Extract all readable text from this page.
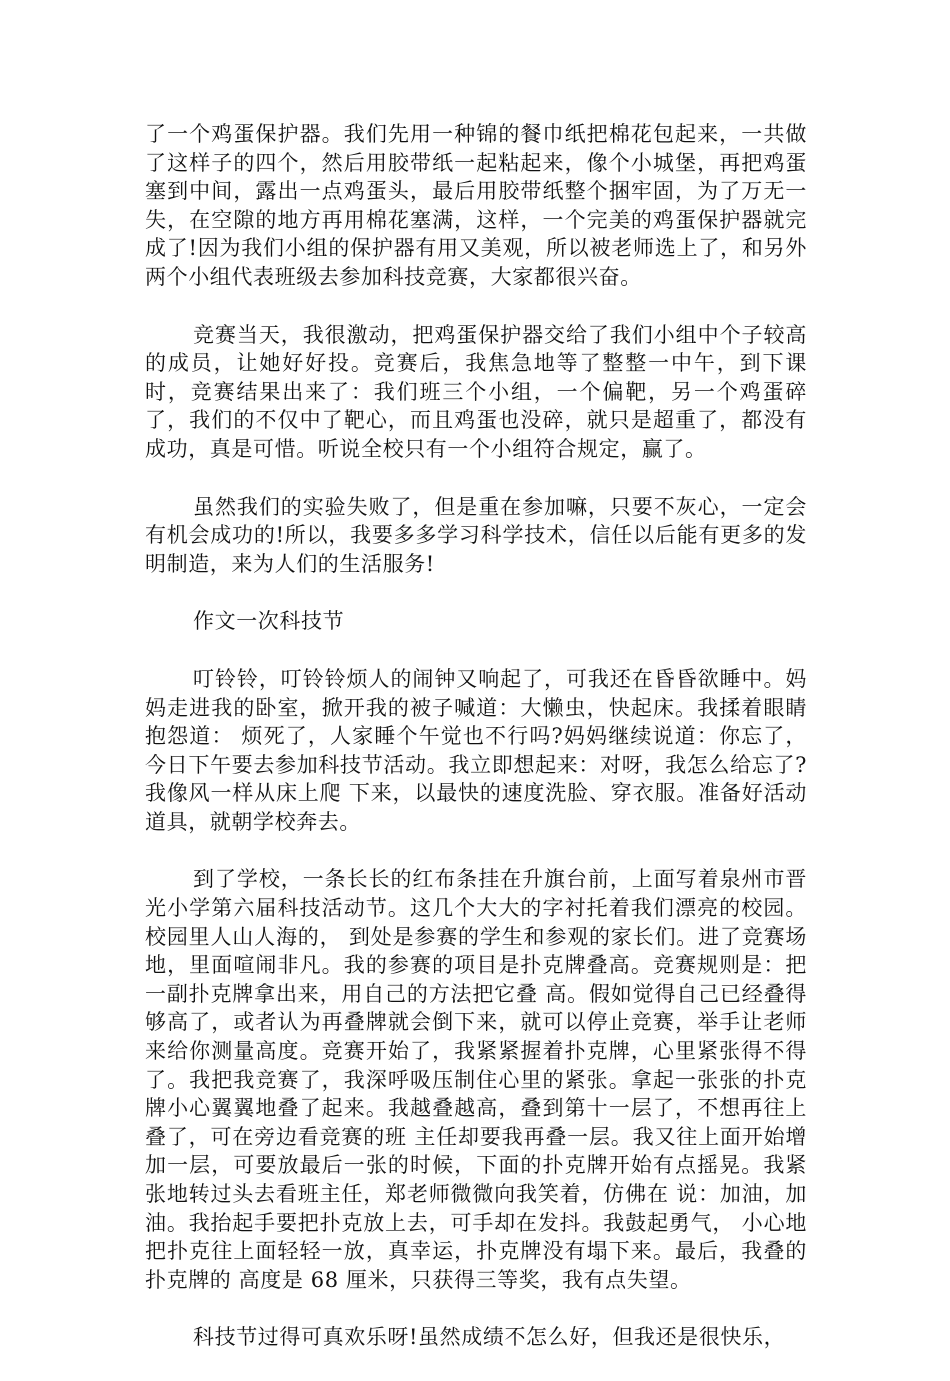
了一个鸡蛋保护器。我们先用一种锦的餐巾纸把棉花包起来，一共做了这样子的四个，然后用胶带纸一起粘起来，像个小城堡，再把鸡蛋塞到中间，露出一点鸡蛋头，最后用胶带纸整个捆牢固，为了万无一失，在空隙的地方再用棉花塞满，这样，一个完美的鸡蛋保护器就完成了!因为我们小组的保护器有用又美观，所以被老师选上了，和另外两个小组代表班级去参加科技竞赛，大家都很兴奋。

竞赛当天，我很激动，把鸡蛋保护器交给了我们小组中个子较高的成员，让她好好投。竞赛后，我焦急地等了整整一中午，到下课时，竞赛结果出来了：我们班三个小组，一个偏靶，另一个鸡蛋碎了，我们的不仅中了靶心，而且鸡蛋也没碎，就只是超重了，都没有成功，真是可惜。听说全校只有一个小组符合规定，赢了。

虽然我们的实验失败了，但是重在参加嘛，只要不灰心，一定会有机会成功的!所以，我要多多学习科学技术，信任以后能有更多的发明制造，来为人们的生活服务!

作文一次科技节

叮铃铃，叮铃铃烦人的闹钟又响起了，可我还在昏昏欲睡中。妈妈走进我的卧室，掀开我的被子喊道：大懒虫，快起床。我揉着眼睛抱怨道： 烦死了，人家睡个午觉也不行吗?妈妈继续说道：你忘了，今日下午要去参加科技节活动。我立即想起来：对呀，我怎么给忘了?我像风一样从床上爬 下来，以最快的速度洗脸、穿衣服。准备好活动道具，就朝学校奔去。

到了学校，一条长长的红布条挂在升旗台前，上面写着泉州市晋光小学第六届科技活动节。这几个大大的字衬托着我们漂亮的校园。校园里人山人海的， 到处是参赛的学生和参观的家长们。进了竞赛场地，里面喧闹非凡。我的参赛的项目是扑克牌叠高。竞赛规则是：把一副扑克牌拿出来，用自己的方法把它叠 高。假如觉得自己已经叠得够高了，或者认为再叠牌就会倒下来，就可以停止竞赛，举手让老师来给你测量高度。竞赛开始了，我紧紧握着扑克牌，心里紧张得不得 了。我把我竞赛了，我深呼吸压制住心里的紧张。拿起一张张的扑克牌小心翼翼地叠了起来。我越叠越高，叠到第十一层了，不想再往上叠了，可在旁边看竞赛的班 主任却要我再叠一层。我又往上面开始增加一层，可要放最后一张的时候，下面的扑克牌开始有点摇晃。我紧张地转过头去看班主任，郑老师微微向我笑着，仿佛在 说：加油，加油。我抬起手要把扑克放上去，可手却在发抖。我鼓起勇气， 小心地把扑克往上面轻轻一放，真幸运，扑克牌没有塌下来。最后，我叠的扑克牌的 高度是 68 厘米，只获得三等奖，我有点失望。

科技节过得可真欢乐呀!虽然成绩不怎么好，但我还是很快乐，
